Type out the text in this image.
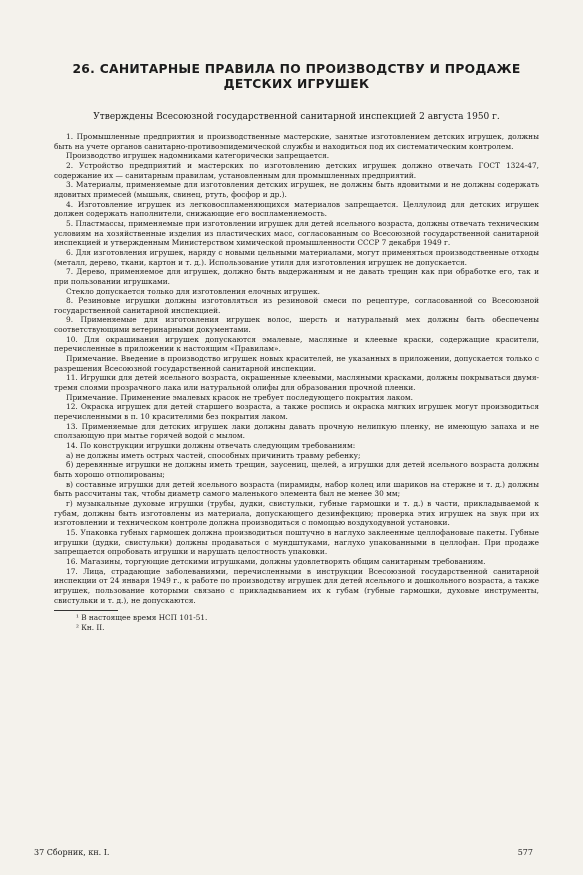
26. САНИТАРНЫЕ ПРАВИЛА ПО ПРОИЗВОДСТВУ И ПРОДАЖЕ ДЕТСКИХ ИГРУШЕК
Утверждены Всесоюзной государственной санитарной инспекцией 2 августа 1950 г.

1. Промышленные предприятия и производственные мастерские, занятые изготовлением детских игрушек, должны быть на учете органов санитарно-противоэпидемической службы и находиться под их систематическим контролем.

Производство игрушек надомниками категорически запрещается.

2. Устройство предприятий и мастерских по изготовлению детских игрушек должно отвечать ГОСТ 1324-47, содержание их — санитарным правилам, установленным для промышленных предприятий.

3. Материалы, применяемые для изготовления детских игрушек, не должны быть ядовитыми и не должны содержать ядовитых примесей (мышьяк, свинец, ртуть, фосфор и др.).

4. Изготовление игрушек из легковоспламеняющихся материалов запрещается. Целлулоид для детских игрушек должен содержать наполнители, снижающие его воспламеняемость.

5. Пластмассы, применяемые при изготовлении игрушек для детей ясельного возраста, должны отвечать техническим условиям на хозяйственные изделия из пластических масс, согласованным со Всесоюзной государственной санитарной инспекцией и утвержденным Министерством химической промышленности СССР 7 декабря 1949 г.

6. Для изготовления игрушек, наряду с новыми цельными материалами, могут применяться производственные отходы (металл, дерево, ткани, картон и т. д.). Использование утиля для изготовления игрушек не допускается.

7. Дерево, применяемое для игрушек, должно быть выдержанным и не давать трещин как при обработке его, так и при пользовании игрушками.

Стекло допускается только для изготовления елочных игрушек.

8. Резиновые игрушки должны изготовляться из резиновой смеси по рецептуре, согласованной со Всесоюзной государственной санитарной инспекцией.

9. Применяемые для изготовления игрушек волос, шерсть и натуральный мех должны быть обеспечены соответствующими ветеринарными документами.

10. Для окрашивания игрушек допускаются эмалевые, масляные и клеевые краски, содержащие красители, перечисленные в приложении к настоящим «Правилам».

Примечание. Введение в производство игрушек новых красителей, не указанных в приложении, допускается только с разрешения Всесоюзной государственной санитарной инспекции.

11. Игрушки для детей ясельного возраста, окрашенные клеевыми, масляными красками, должны покрываться двумя-тремя слоями прозрачного лака или натуральной олифы для образования прочной пленки.

Примечание. Применение эмалевых красок не требует последующего покрытия лаком.

12. Окраска игрушек для детей старшего возраста, а также роспись и окраска мягких игрушек могут производиться перечисленными в п. 10 красителями без покрытия лаком.

13. Применяемые для детских игрушек лаки должны давать прочную нелипкую пленку, не имеющую запаха и не сползающую при мытье горячей водой с мылом.

14. По конструкции игрушки должны отвечать следующим требованиям:

а) не должны иметь острых частей, способных причинить травму ребенку;

б) деревянные игрушки не должны иметь трещин, заусениц, щелей, а игрушки для детей ясельного возраста должны быть хорошо отполированы;

в) составные игрушки для детей ясельного возраста (пирамиды, набор колец или шариков на стержне и т. д.) должны быть рассчитаны так, чтобы диаметр самого маленького элемента был не менее 30 мм;

г) музыкальные духовые игрушки (трубы, дудки, свистульки, губные гармошки и т. д.) в части, прикладываемой к губам, должны быть изготовлены из материала, допускающего дезинфекцию; проверка этих игрушек на звук при их изготовлении и техническом контроле должна производиться с помощью воздуходувной установки.

15. Упаковка губных гармошек должна производиться поштучно в наглухо заклеенные целлофановые пакеты. Губные игрушки (дудки, свистульки) должны продаваться с мундштуками, наглухо упакованными в целлофан. При продаже запрещается опробовать игрушки и нарушать целостность упаковки.

16. Магазины, торгующие детскими игрушками, должны удовлетворять общим санитарным требованиям.

17. Лица, страдающие заболеваниями, перечисленными в инструкции Всесоюзной государственной санитарной инспекции от 24 января 1949 г., к работе по производству игрушек для детей ясельного и дошкольного возраста, а также игрушек, пользование которыми связано с прикладыванием их к губам (губные гармошки, духовые инструменты, свистульки и т. д.), не допускаются.

¹ В настоящее время НСП 101-51.
² Кн. II.
37 Сборник, кн. I.	577
